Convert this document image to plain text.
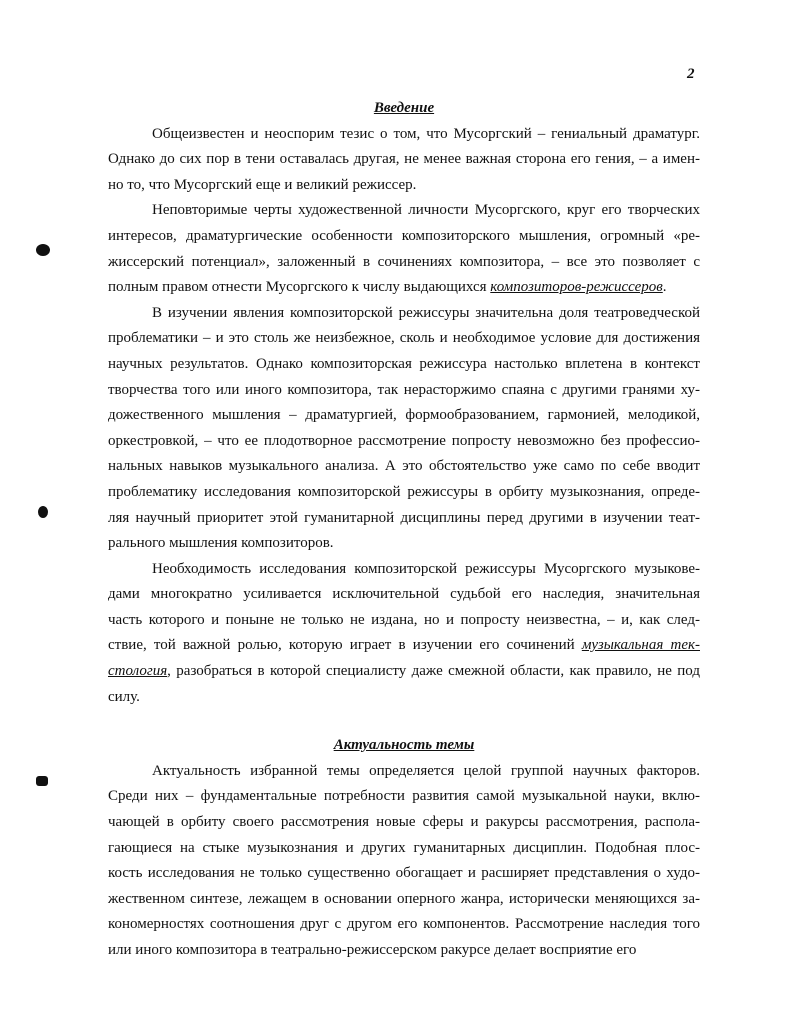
2
Введение
Общеизвестен и неоспорим тезис о том, что Мусоргский – гениальный драматург.
Однако до сих пор в тени оставалась другая, не менее важная сторона его гения, – а имен-
но то, что Мусоргский еще и великий режиссер.
Неповторимые черты художественной личности Мусоргского, круг его творческих
интересов, драматургические особенности композиторского мышления, огромный «ре-
жиссерский потенциал», заложенный в сочинениях композитора, – все это позволяет с
полным правом отнести Мусоргского к числу выдающихся композиторов-режиссеров.
В изучении явления композиторской режиссуры значительна доля театроведческой
проблематики – и это столь же неизбежное, сколь и необходимое условие для достижения
научных результатов. Однако композиторская режиссура настолько вплетена в контекст
творчества того или иного композитора, так нерасторжимо спаяна с другими гранями ху-
дожественного мышления – драматургией, формообразованием, гармонией, мелодикой,
оркестровкой, – что ее плодотворное рассмотрение попросту невозможно без профессио-
нальных навыков музыкального анализа. А это обстоятельство уже само по себе вводит
проблематику исследования композиторской режиссуры в орбиту музыкознания, опреде-
ляя научный приоритет этой гуманитарной дисциплины перед другими в изучении теат-
рального мышления композиторов.
Необходимость исследования композиторской режиссуры Мусоргского музыкове-
дами многократно усиливается исключительной судьбой его наследия, значительная
часть которого и поныне не только не издана, но и попросту неизвестна, – и, как след-
ствие, той важной ролью, которую играет в изучении его сочинений музыкальная тек-
стология, разобраться в которой специалисту даже смежной области, как правило, не под
силу.
Актуальность темы
Актуальность избранной темы определяется целой группой научных факторов.
Среди них – фундаментальные потребности развития самой музыкальной науки, вклю-
чающей в орбиту своего рассмотрения новые сферы и ракурсы рассмотрения, распола-
гающиеся на стыке музыкознания и других гуманитарных дисциплин. Подобная плос-
кость исследования не только существенно обогащает и расширяет представления о худо-
жественном синтезе, лежащем в основании оперного жанра, исторически меняющихся за-
кономерностях соотношения друг с другом его компонентов. Рассмотрение наследия того
или иного композитора в театрально-режиссерском ракурсе делает восприятие его
